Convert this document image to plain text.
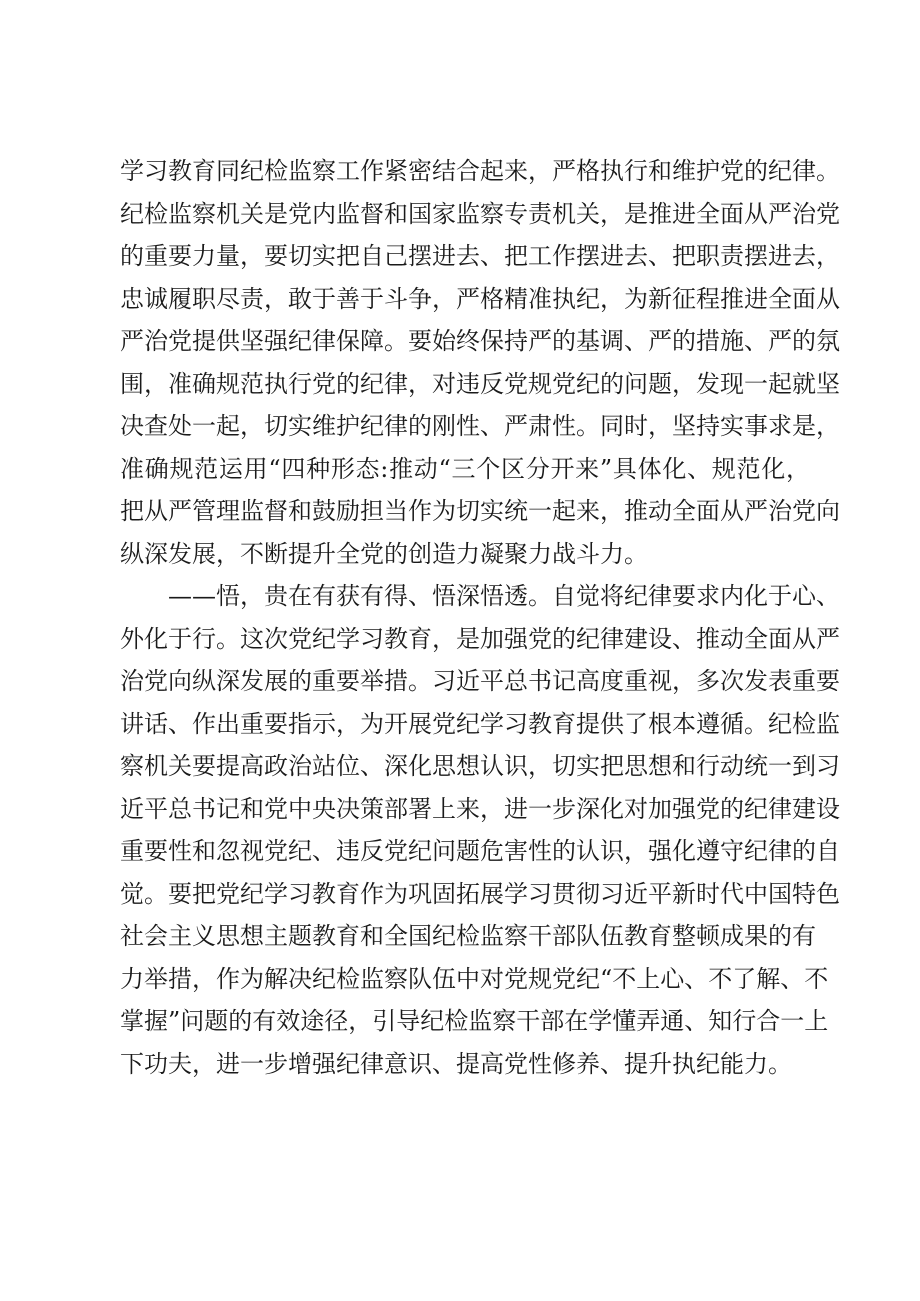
学习教育同纪检监察工作紧密结合起来，严格执行和维护党的纪律。
纪检监察机关是党内监督和国家监察专责机关，是推进全面从严治党
的重要力量，要切实把自己摆进去、把工作摆进去、把职责摆进去，
忠诚履职尽责，敢于善于斗争，严格精准执纪，为新征程推进全面从
严治党提供坚强纪律保障。要始终保持严的基调、严的措施、严的氛
围，准确规范执行党的纪律，对违反党规党纪的问题，发现一起就坚
决查处一起，切实维护纪律的刚性、严肃性。同时，坚持实事求是，
准确规范运用“四种形态:推动“三个区分开来”具体化、规范化，
把从严管理监督和鼓励担当作为切实统一起来，推动全面从严治党向
纵深发展，不断提升全党的创造力凝聚力战斗力。
——悟，贵在有获有得、悟深悟透。自觉将纪律要求内化于心、
外化于行。这次党纪学习教育，是加强党的纪律建设、推动全面从严
治党向纵深发展的重要举措。习近平总书记高度重视，多次发表重要
讲话、作出重要指示，为开展党纪学习教育提供了根本遵循。纪检监
察机关要提高政治站位、深化思想认识，切实把思想和行动统一到习
近平总书记和党中央决策部署上来，进一步深化对加强党的纪律建设
重要性和忽视党纪、违反党纪问题危害性的认识，强化遵守纪律的自
觉。要把党纪学习教育作为巩固拓展学习贯彻习近平新时代中国特色
社会主义思想主题教育和全国纪检监察干部队伍教育整顿成果的有
力举措，作为解决纪检监察队伍中对党规党纪“不上心、不了解、不
掌握”问题的有效途径，引导纪检监察干部在学懂弄通、知行合一上
下功夫，进一步增强纪律意识、提高党性修养、提升执纪能力。
